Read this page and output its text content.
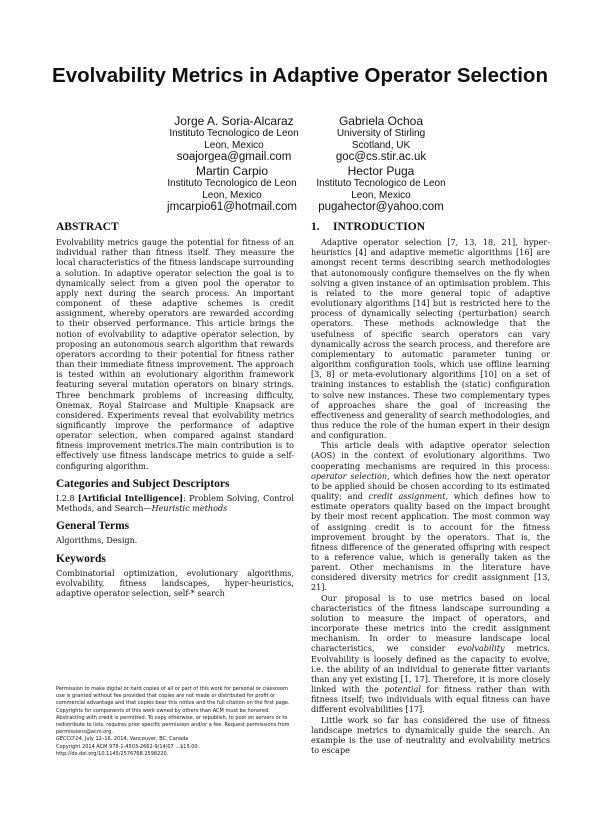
Evolvability Metrics in Adaptive Operator Selection
Jorge A. Soria-Alcaraz
Instituto Tecnologico de Leon
Leon, Mexico
soajorgea@gmail.com
Gabriela Ochoa
University of Stirling
Scotland, UK
goc@cs.stir.ac.uk
Martin Carpio
Instituto Tecnologico de Leon
Leon, Mexico
jmcarpio61@hotmail.com
Hector Puga
Instituto Tecnologico de Leon
Leon, Mexico
pugahector@yahoo.com
ABSTRACT

Evolvability metrics gauge the potential for fitness of an individual rather than fitness itself. They measure the local characteristics of the fitness landscape surrounding a solution. In adaptive operator selection the goal is to dynamically select from a given pool the operator to apply next during the search process. An important component of these adaptive schemes is credit assignment, whereby operators are rewarded according to their observed performance. This article brings the notion of evolvability to adaptive operator selection, by proposing an autonomous search algorithm that rewards operators according to their potential for fitness rather than their immediate fitness improvement. The approach is tested within an evolutionary algorithm framework featuring several mutation operators on binary strings. Three benchmark problems of increasing difficulty, Onemax, Royal Staircase and Multiple Knapsack are considered. Experiments reveal that evolvability metrics significantly improve the performance of adaptive operator selection, when compared against standard fitness improvement metrics.The main contribution is to effectively use fitness landscape metrics to guide a self-configuring algorithm.

Categories and Subject Descriptors

I.2.8 [Artificial Intelligence]: Problem Solving, Control Methods, and Search—Heuristic methods

General Terms

Algorithms, Design.

Keywords

Combinatorial optimization, evolutionary algorithms, evolvability, fitness landscapes, hyper-heuristics, adaptive operator selection, self-* search

Permission to make digital or hard copies of all or part of this work for personal or classroom use is granted without fee provided that copies are not made or distributed for profit or commercial advantage and that copies bear this notice and the full citation on the first page. Copyrights for components of this work owned by others than ACM must be honored. Abstracting with credit is permitted. To copy otherwise, or republish, to post on servers or to redistribute to lists, requires prior specific permission and/or a fee. Request permissions from permissions@acm.org.

GECCO'14, July 12–16, 2014, Vancouver, BC, Canada

Copyright 2014 ACM 978-1-4503-2662-9/14/07 ...$15.00.

http://dx.doi.org/10.1145/2576768.2598220.

1. INTRODUCTION

Adaptive operator selection [7, 13, 18, 21], hyper-heuristics [4] and adaptive memetic algorithms [16] are amongst recent terms describing search methodologies that autonomously configure themselves on the fly when solving a given instance of an optimisation problem. This is related to the more general topic of adaptive evolutionary algorithms [14] but is restricted here to the process of dynamically selecting (perturbation) search operators. These methods acknowledge that the usefulness of specific search operators can vary dynamically across the search process, and therefore are complementary to automatic parameter tuning or algorithm configuration tools, which use offline learning [3, 8] or meta-evolutionary algorithms [10] on a set of training instances to establish the (static) configuration to solve new instances. These two complementary types of approaches share the goal of increasing the effectiveness and generality of search methodologies, and thus reduce the role of the human expert in their design and configuration.

This article deals with adaptive operator selection (AOS) in the context of evolutionary algorithms. Two cooperating mechanisms are required in this process: operator selection, which defines how the next operator to be applied should be chosen according to its estimated quality; and credit assignment, which defines how to estimate operators quality based on the impact brought by their most recent application. The most common way of assigning credit is to account for the fitness improvement brought by the operators. That is, the fitness difference of the generated offspring with respect to a reference value, which is generally taken as the parent. Other mechanisms in the literature have considered diversity metrics for credit assignment [13, 21].

Our proposal is to use metrics based on local characteristics of the fitness landscape surrounding a solution to measure the impact of operators, and incorporate these metrics into the credit assignment mechanism. In order to measure landscape local characteristics, we consider evolvability metrics. Evolvability is loosely defined as the capacity to evolve, i.e. the ability of an individual to generate fitter variants than any yet existing [1, 17]. Therefore, it is more closely linked with the potential for fitness rather than with fitness itself; two individuals with equal fitness can have different evolvabilities [17].

Little work so far has considered the use of fitness landscape metrics to dynamically guide the search. An example is the use of neutrality and evolvability metrics to escape
